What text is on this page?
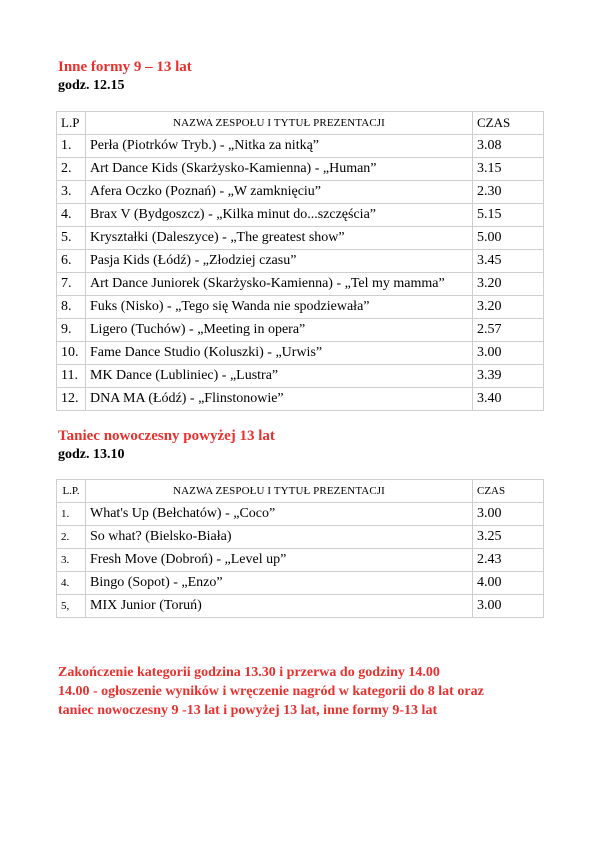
Inne formy 9 – 13 lat

godz. 12.15

L.P	NAZWA ZESPOŁU I TYTUŁ PREZENTACJI	CZAS
1.	Perła (Piotrków Tryb.) - „Nitka za nitką”	3.08
2.	Art Dance Kids (Skarżysko-Kamienna) - „Human”	3.15
3.	Afera Oczko (Poznań) - „W zamknięciu”	2.30
4.	Brax V (Bydgoszcz) - „Kilka minut do...szczęścia”	5.15
5.	Kryształki (Daleszyce) - „The greatest show”	5.00
6.	Pasja Kids (Łódź) - „Złodziej czasu”	3.45
7.	Art Dance Juniorek (Skarżysko-Kamienna) - „Tel my mamma”	3.20
8.	Fuks (Nisko) - „Tego się Wanda nie spodziewała”	3.20
9.	Ligero (Tuchów) - „Meeting in opera”	2.57
10.	Fame Dance Studio (Koluszki) - „Urwis”	3.00
11.	MK Dance (Lubliniec) - „Lustra”	3.39
12.	DNA MA (Łódź) - „Flinstonowie”	3.40

Taniec nowoczesny powyżej 13 lat

godz. 13.10

L.P.	NAZWA ZESPOŁU I TYTUŁ PREZENTACJI	CZAS
1.	What's Up (Bełchatów) - „Coco”	3.00
2.	So what? (Bielsko-Biała)	3.25
3.	Fresh Move (Dobroń) - „Level up”	2.43
4.	Bingo (Sopot) - „Enzo”	4.00
5,	MIX Junior (Toruń)	3.00
Zakończenie kategorii godzina 13.30 i przerwa do godziny 14.00
14.00 - ogłoszenie wyników i wręczenie nagród w kategorii do 8 lat oraz
taniec nowoczesny 9 -13 lat i powyżej 13 lat, inne formy 9-13 lat
